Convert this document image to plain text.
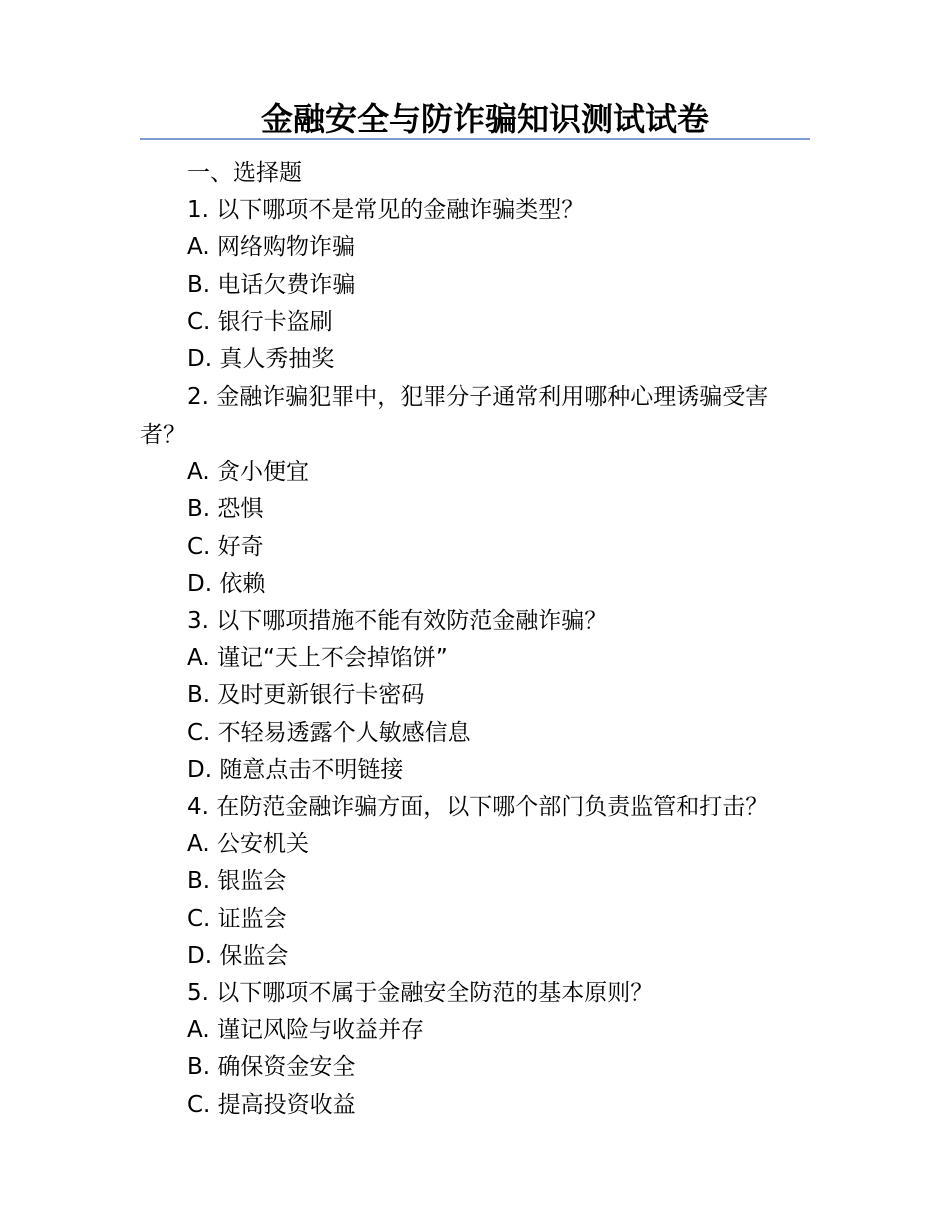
金融安全与防诈骗知识测试试卷
一、选择题
1. 以下哪项不是常见的金融诈骗类型？
A. 网络购物诈骗
B. 电话欠费诈骗
C. 银行卡盗刷
D. 真人秀抽奖
2. 金融诈骗犯罪中，犯罪分子通常利用哪种心理诱骗受害者？
A. 贪小便宜
B. 恐惧
C. 好奇
D. 依赖
3. 以下哪项措施不能有效防范金融诈骗？
A. 谨记“天上不会掉馅饼”
B. 及时更新银行卡密码
C. 不轻易透露个人敏感信息
D. 随意点击不明链接
4. 在防范金融诈骗方面，以下哪个部门负责监管和打击？
A. 公安机关
B. 银监会
C. 证监会
D. 保监会
5. 以下哪项不属于金融安全防范的基本原则？
A. 谨记风险与收益并存
B. 确保资金安全
C. 提高投资收益
